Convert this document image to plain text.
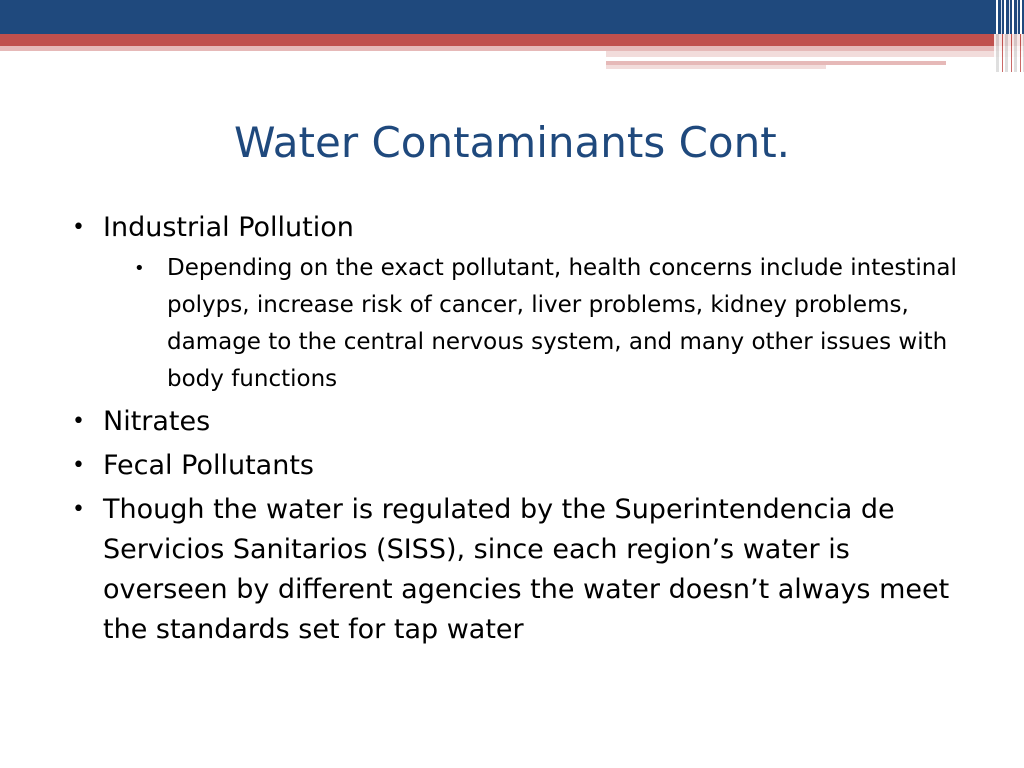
Water Contaminants Cont.
• Industrial Pollution
• Depending on the exact pollutant, health concerns include intestinal polyps, increase risk of cancer, liver problems, kidney problems, damage to the central nervous system, and many other issues with body functions
• Nitrates
• Fecal Pollutants
• Though the water is regulated by the Superintendencia de Servicios Sanitarios (SISS), since each region’s water is overseen by different agencies the water doesn’t always meet the standards set for tap water
